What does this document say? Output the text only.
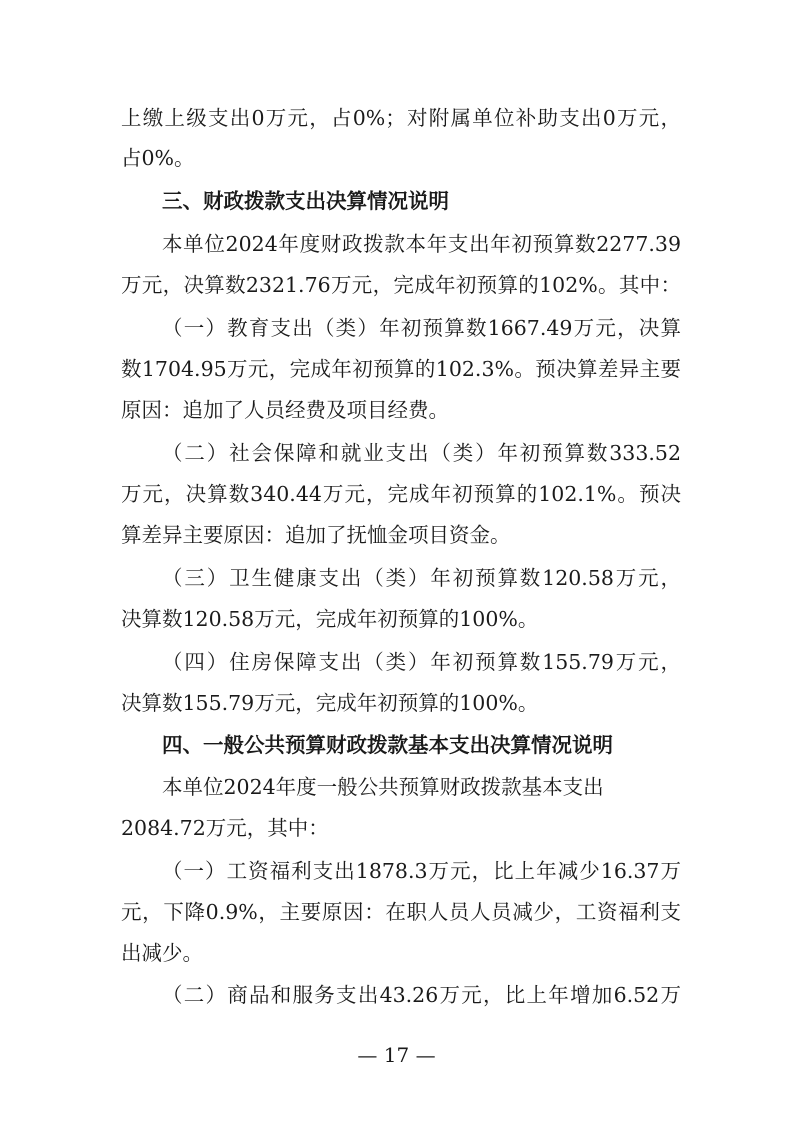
上缴上级支出0万元，占0%；对附属单位补助支出0万元，
占0%。
三、财政拨款支出决算情况说明
本单位2024年度财政拨款本年支出年初预算数2277.39
万元，决算数2321.76万元，完成年初预算的102%。其中：
（一）教育支出（类）年初预算数1667.49万元，决算
数1704.95万元，完成年初预算的102.3%。预决算差异主要
原因：追加了人员经费及项目经费。
（二）社会保障和就业支出（类）年初预算数333.52
万元，决算数340.44万元，完成年初预算的102.1%。预决
算差异主要原因：追加了抚恤金项目资金。
（三）卫生健康支出（类）年初预算数120.58万元，
决算数120.58万元，完成年初预算的100%。
（四）住房保障支出（类）年初预算数155.79万元，
决算数155.79万元，完成年初预算的100%。
四、一般公共预算财政拨款基本支出决算情况说明
本单位2024年度一般公共预算财政拨款基本支出
2084.72万元，其中：
（一）工资福利支出1878.3万元，比上年减少16.37万
元，下降0.9%，主要原因：在职人员人员减少，工资福利支
出减少。
（二）商品和服务支出43.26万元，比上年增加6.52万
— 17 —
